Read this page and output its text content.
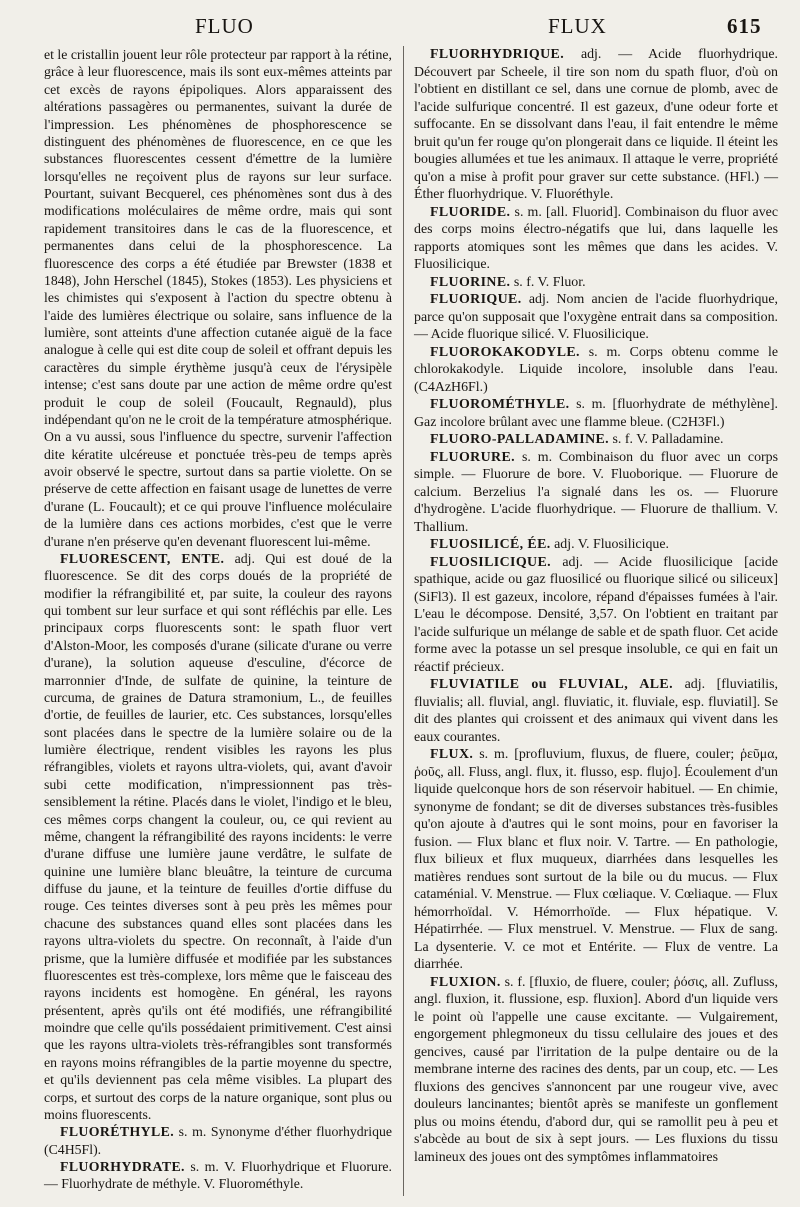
FLUO	FLUX	615

et le cristallin jouent leur rôle protecteur par rapport à la rétine, grâce à leur fluorescence, mais ils sont eux-mêmes atteints par cet excès de rayons épipoliques. Alors apparaissent des altérations passagères ou permanentes, suivant la durée de l'impression. Les phénomènes de phosphorescence se distinguent des phénomènes de fluorescence, en ce que les substances fluorescentes cessent d'émettre de la lumière lorsqu'elles ne reçoivent plus de rayons sur leur surface. Pourtant, suivant Becquerel, ces phénomènes sont dus à des modifications moléculaires de même ordre, mais qui sont rapidement transitoires dans le cas de la fluorescence, et permanentes dans celui de la phosphorescence. La fluorescence des corps a été étudiée par Brewster (1838 et 1848), John Herschel (1845), Stokes (1853). Les physiciens et les chimistes qui s'exposent à l'action du spectre obtenu à l'aide des lumières électrique ou solaire, sans influence de la lumière, sont atteints d'une affection cutanée aiguë de la face analogue à celle qui est dite coup de soleil et offrant depuis les caractères du simple érythème jusqu'à ceux de l'érysipèle intense; c'est sans doute par une action de même ordre qu'est produit le coup de soleil (Foucault, Regnauld), plus indépendant qu'on ne le croit de la température atmosphérique. On a vu aussi, sous l'influence du spectre, survenir l'affection dite kératite ulcéreuse et ponctuée très-peu de temps après avoir observé le spectre, surtout dans sa partie violette. On se préserve de cette affection en faisant usage de lunettes de verre d'urane (L. Foucault); et ce qui prouve l'influence moléculaire de la lumière dans ces actions morbides, c'est que le verre d'urane n'en préserve qu'en devenant fluorescent lui-même.

FLUORESCENT, ENTE. adj. Qui est doué de la fluorescence. Se dit des corps doués de la propriété de modifier la réfrangibilité et, par suite, la couleur des rayons qui tombent sur leur surface et qui sont réfléchis par elle. Les principaux corps fluorescents sont: le spath fluor vert d'Alston-Moor, les composés d'urane (silicate d'urane ou verre d'urane), la solution aqueuse d'esculine, d'écorce de marronnier d'Inde, de sulfate de quinine, la teinture de curcuma, de graines de Datura stramonium, L., de feuilles d'ortie, de feuilles de laurier, etc. Ces substances, lorsqu'elles sont placées dans le spectre de la lumière solaire ou de la lumière électrique, rendent visibles les rayons les plus réfrangibles, violets et rayons ultra-violets, qui, avant d'avoir subi cette modification, n'impressionnent pas très-sensiblement la rétine. Placés dans le violet, l'indigo et le bleu, ces mêmes corps changent la couleur, ou, ce qui revient au même, changent la réfrangibilité des rayons incidents: le verre d'urane diffuse une lumière jaune verdâtre, le sulfate de quinine une lumière blanc bleuâtre, la teinture de curcuma diffuse du jaune, et la teinture de feuilles d'ortie diffuse du rouge. Ces teintes diverses sont à peu près les mêmes pour chacune des substances quand elles sont placées dans les rayons ultra-violets du spectre. On reconnaît, à l'aide d'un prisme, que la lumière diffusée et modifiée par les substances fluorescentes est très-complexe, lors même que le faisceau des rayons incidents est homogène. En général, les rayons présentent, après qu'ils ont été modifiés, une réfrangibilité moindre que celle qu'ils possédaient primitivement. C'est ainsi que les rayons ultra-violets très-réfrangibles sont transformés en rayons moins réfrangibles de la partie moyenne du spectre, et qu'ils deviennent pas cela même visibles. La plupart des corps, et surtout des corps de la nature organique, sont plus ou moins fluorescents.

FLUORÉTHYLE. s. m. Synonyme d'éther fluorhydrique (C4H5Fl).

FLUORHYDRATE. s. m. V. Fluorhydrique et Fluorure. — Fluorhydrate de méthyle. V. Fluorométhyle.

FLUORHYDRIQUE. adj. — Acide fluorhydrique. Découvert par Scheele, il tire son nom du spath fluor, d'où on l'obtient en distillant ce sel, dans une cornue de plomb, avec de l'acide sulfurique concentré. Il est gazeux, d'une odeur forte et suffocante. En se dissolvant dans l'eau, il fait entendre le même bruit qu'un fer rouge qu'on plongerait dans ce liquide. Il éteint les bougies allumées et tue les animaux. Il attaque le verre, propriété qu'on a mise à profit pour graver sur cette substance. (HFl.) — Éther fluorhydrique. V. Fluoréthyle.

FLUORIDE. s. m. [all. Fluorid]. Combinaison du fluor avec des corps moins électro-négatifs que lui, dans laquelle les rapports atomiques sont les mêmes que dans les acides. V. Fluosilicique.

FLUORINE. s. f. V. Fluor.

FLUORIQUE. adj. Nom ancien de l'acide fluorhydrique, parce qu'on supposait que l'oxygène entrait dans sa composition. — Acide fluorique silicé. V. Fluosilicique.

FLUOROKAKODYLE. s. m. Corps obtenu comme le chlorokakodyle. Liquide incolore, insoluble dans l'eau. (C4AzH6Fl.)

FLUOROMÉTHYLE. s. m. [fluorhydrate de méthylène]. Gaz incolore brûlant avec une flamme bleue. (C2H3Fl.)

FLUORO-PALLADAMINE. s. f. V. Palladamine.

FLUORURE. s. m. Combinaison du fluor avec un corps simple. — Fluorure de bore. V. Fluoborique. — Fluorure de calcium. Berzelius l'a signalé dans les os. — Fluorure d'hydrogène. L'acide fluorhydrique. — Fluorure de thallium. V. Thallium.

FLUOSILICÉ, ÉE. adj. V. Fluosilicique.

FLUOSILICIQUE. adj. — Acide fluosilicique [acide spathique, acide ou gaz fluosilicé ou fluorique silicé ou siliceux] (SiFl3). Il est gazeux, incolore, répand d'épaisses fumées à l'air. L'eau le décompose. Densité, 3,57. On l'obtient en traitant par l'acide sulfurique un mélange de sable et de spath fluor. Cet acide forme avec la potasse un sel presque insoluble, ce qui en fait un réactif précieux.

FLUVIATILE ou FLUVIAL, ALE. adj. [fluviatilis, fluvialis; all. fluvial, angl. fluviatic, it. fluviale, esp. fluviatil]. Se dit des plantes qui croissent et des animaux qui vivent dans les eaux courantes.

FLUX. s. m. [profluvium, fluxus, de fluere, couler; ῥεῦμα, ῥοῦς, all. Fluss, angl. flux, it. flusso, esp. flujo]. Écoulement d'un liquide quelconque hors de son réservoir habituel. — En chimie, synonyme de fondant; se dit de diverses substances très-fusibles qu'on ajoute à d'autres qui le sont moins, pour en favoriser la fusion. — Flux blanc et flux noir. V. Tartre. — En pathologie, flux bilieux et flux muqueux, diarrhées dans lesquelles les matières rendues sont surtout de la bile ou du mucus. — Flux cataménial. V. Menstrue. — Flux cœliaque. V. Cœliaque. — Flux hémorrhoïdal. V. Hémorrhoïde. — Flux hépatique. V. Hépatirrhée. — Flux menstruel. V. Menstrue. — Flux de sang. La dysenterie. V. ce mot et Entérite. — Flux de ventre. La diarrhée.

FLUXION. s. f. [fluxio, de fluere, couler; ῥόσις, all. Zufluss, angl. fluxion, it. flussione, esp. fluxion]. Abord d'un liquide vers le point où l'appelle une cause excitante. — Vulgairement, engorgement phlegmoneux du tissu cellulaire des joues et des gencives, causé par l'irritation de la pulpe dentaire ou de la membrane interne des racines des dents, par un coup, etc. — Les fluxions des gencives s'annoncent par une rougeur vive, avec douleurs lancinantes; bientôt après se manifeste un gonflement plus ou moins étendu, d'abord dur, qui se ramollit peu à peu et s'abcède au bout de six à sept jours. — Les fluxions du tissu lamineux des joues ont des symptômes inflammatoires
